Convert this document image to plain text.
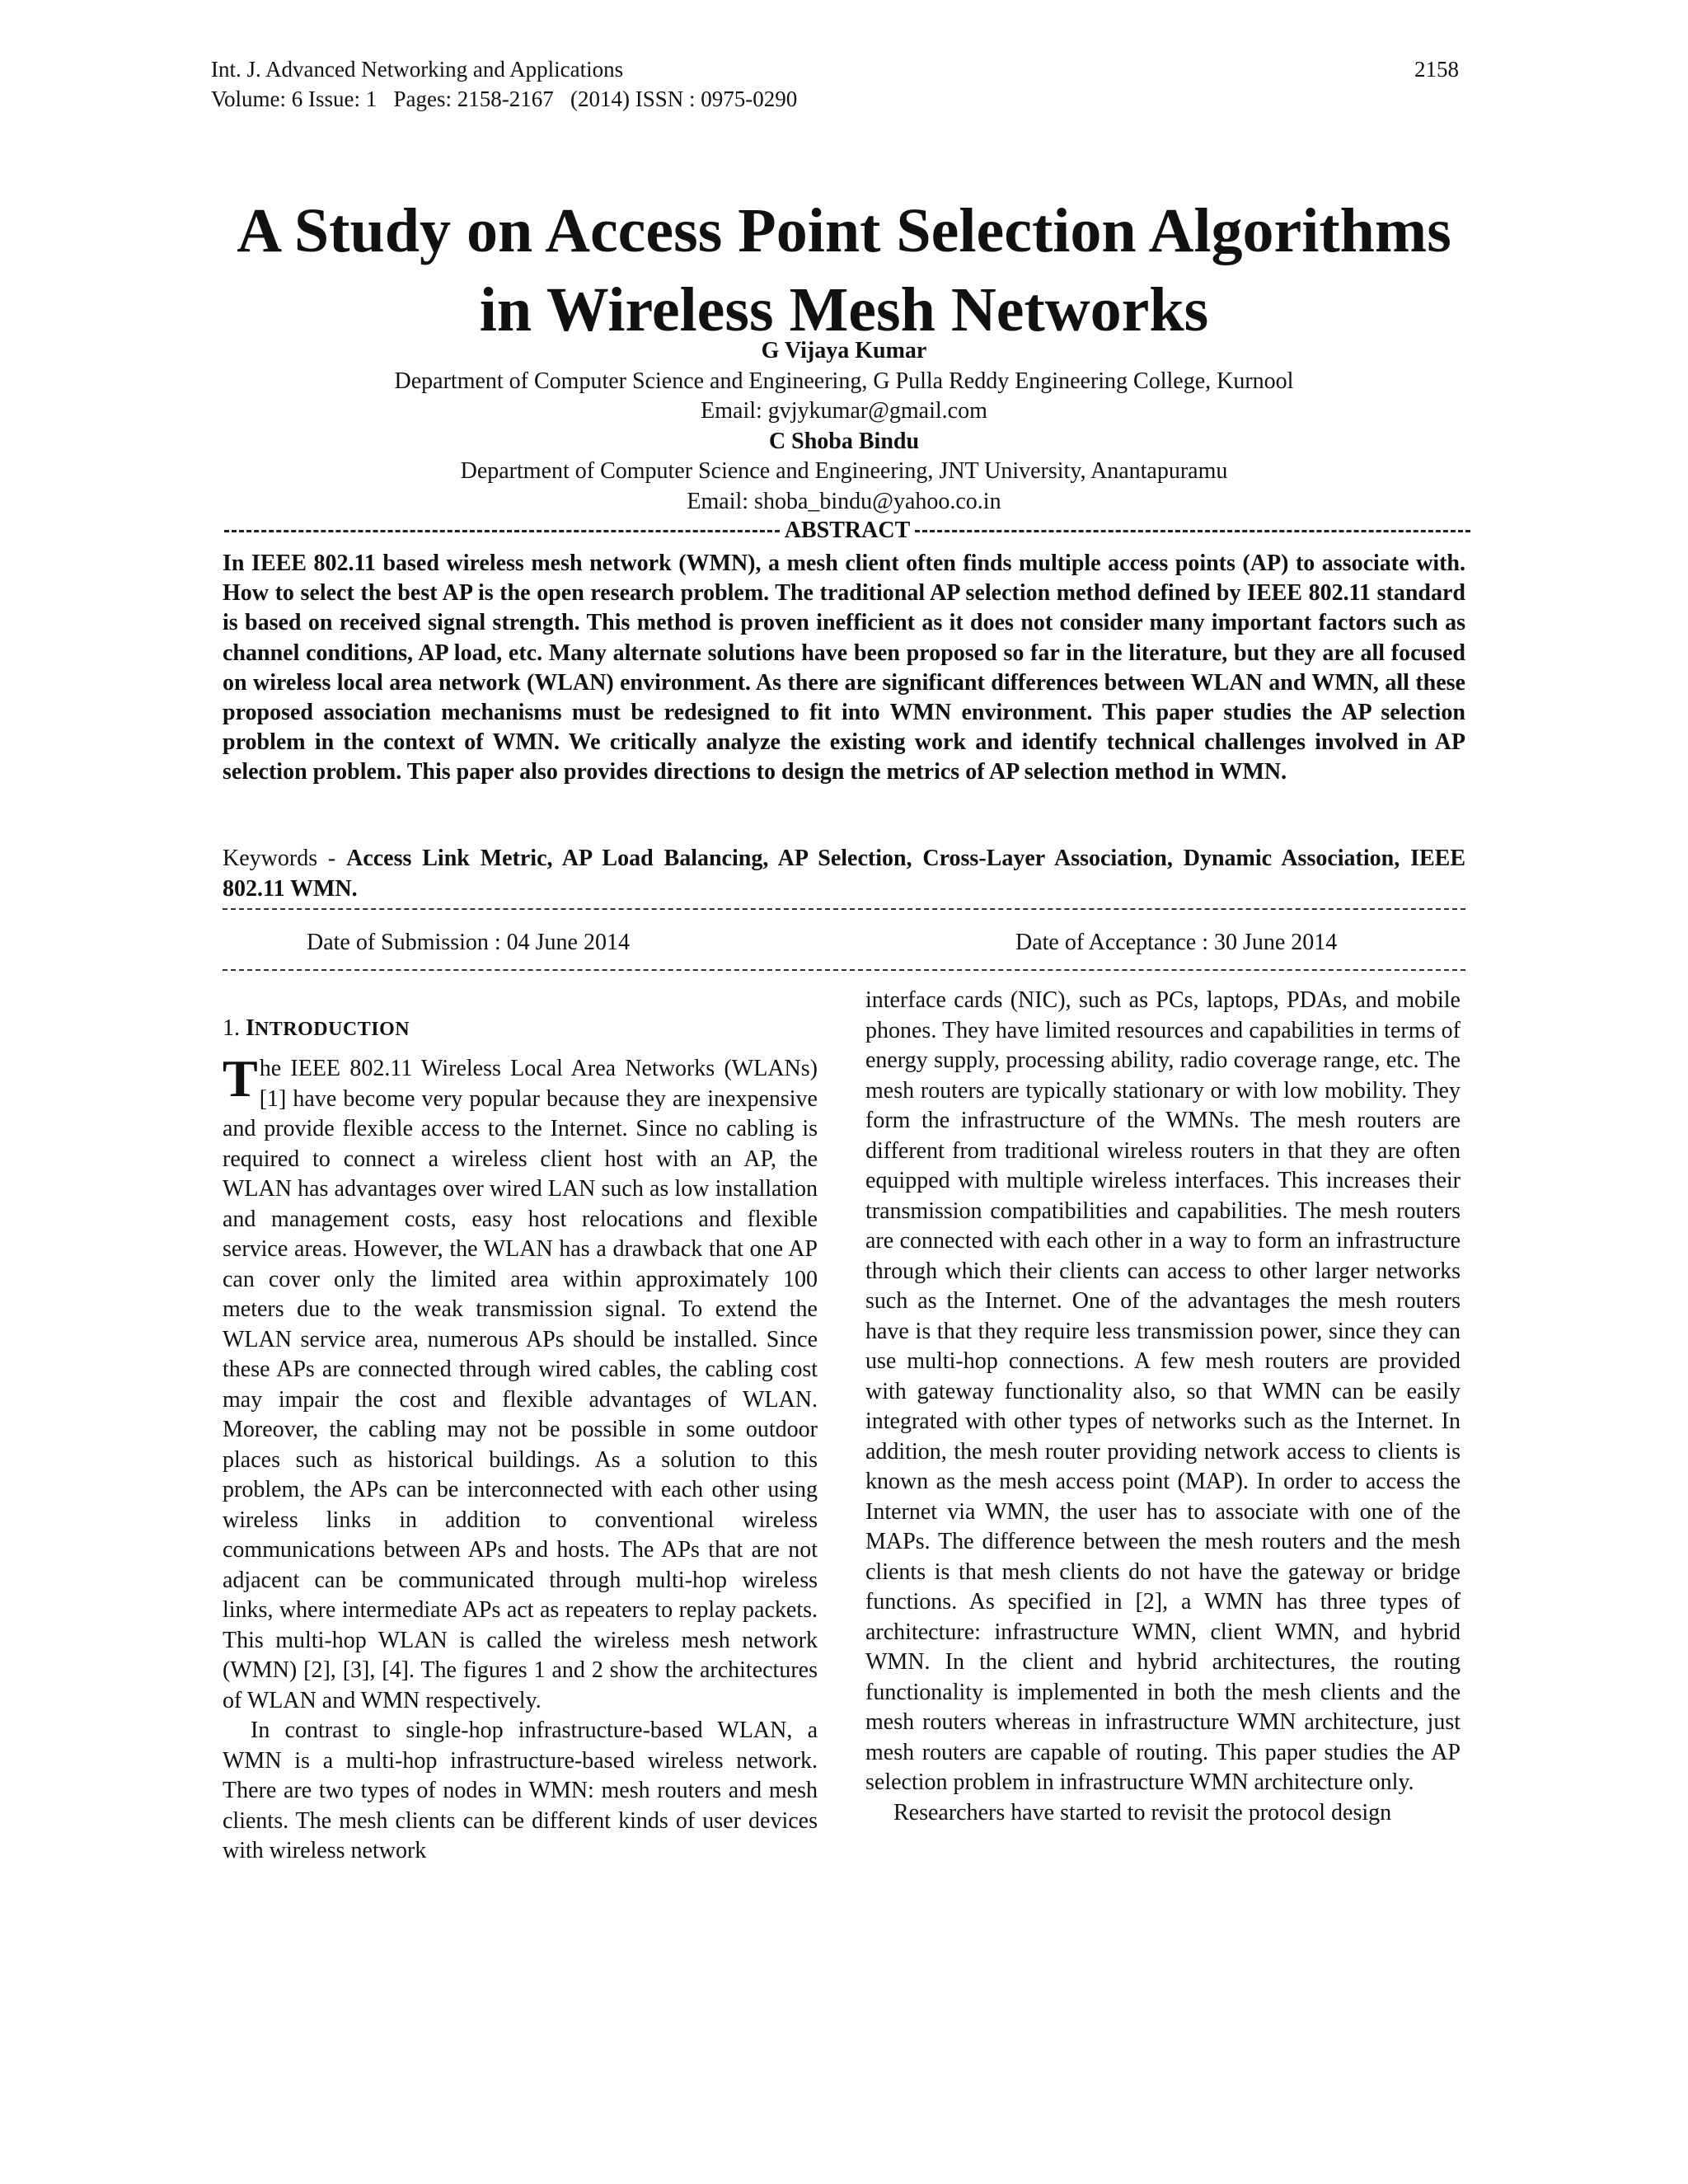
Int. J. Advanced Networking and Applications
Volume: 6 Issue: 1   Pages: 2158-2167   (2014) ISSN : 0975-0290
2158
A Study on Access Point Selection Algorithms
in Wireless Mesh Networks
G Vijaya Kumar
Department of Computer Science and Engineering, G Pulla Reddy Engineering College, Kurnool
Email: gvjykumar@gmail.com
C Shoba Bindu
Department of Computer Science and Engineering, JNT University, Anantapuramu
Email: shoba_bindu@yahoo.co.in
ABSTRACT

In IEEE 802.11 based wireless mesh network (WMN), a mesh client often finds multiple access points (AP) to associate with. How to select the best AP is the open research problem. The traditional AP selection method defined by IEEE 802.11 standard is based on received signal strength. This method is proven inefficient as it does not consider many important factors such as channel conditions, AP load, etc. Many alternate solutions have been proposed so far in the literature, but they are all focused on wireless local area network (WLAN) environment. As there are significant differences between WLAN and WMN, all these proposed association mechanisms must be redesigned to fit into WMN environment. This paper studies the AP selection problem in the context of WMN. We critically analyze the existing work and identify technical challenges involved in AP selection problem. This paper also provides directions to design the metrics of AP selection method in WMN.

Keywords - Access Link Metric, AP Load Balancing, AP Selection, Cross-Layer Association, Dynamic Association, IEEE 802.11 WMN.

Date of Submission : 04 June 2014	Date of Acceptance : 30 June 2014
1. INTRODUCTION

The IEEE 802.11 Wireless Local Area Networks (WLANs) [1] have become very popular because they are inexpensive and provide flexible access to the Internet. Since no cabling is required to connect a wireless client host with an AP, the WLAN has advantages over wired LAN such as low installation and management costs, easy host relocations and flexible service areas. However, the WLAN has a drawback that one AP can cover only the limited area within approximately 100 meters due to the weak transmission signal. To extend the WLAN service area, numerous APs should be installed. Since these APs are connected through wired cables, the cabling cost may impair the cost and flexible advantages of WLAN. Moreover, the cabling may not be possible in some outdoor places such as historical buildings. As a solution to this problem, the APs can be interconnected with each other using wireless links in addition to conventional wireless communications between APs and hosts. The APs that are not adjacent can be communicated through multi-hop wireless links, where intermediate APs act as repeaters to replay packets. This multi-hop WLAN is called the wireless mesh network (WMN) [2], [3], [4]. The figures 1 and 2 show the architectures of WLAN and WMN respectively.

In contrast to single-hop infrastructure-based WLAN, a WMN is a multi-hop infrastructure-based wireless network. There are two types of nodes in WMN: mesh routers and mesh clients. The mesh clients can be different kinds of user devices with wireless network

interface cards (NIC), such as PCs, laptops, PDAs, and mobile phones. They have limited resources and capabilities in terms of energy supply, processing ability, radio coverage range, etc. The mesh routers are typically stationary or with low mobility. They form the infrastructure of the WMNs. The mesh routers are different from traditional wireless routers in that they are often equipped with multiple wireless interfaces. This increases their transmission compatibilities and capabilities. The mesh routers are connected with each other in a way to form an infrastructure through which their clients can access to other larger networks such as the Internet. One of the advantages the mesh routers have is that they require less transmission power, since they can use multi-hop connections. A few mesh routers are provided with gateway functionality also, so that WMN can be easily integrated with other types of networks such as the Internet. In addition, the mesh router providing network access to clients is known as the mesh access point (MAP). In order to access the Internet via WMN, the user has to associate with one of the MAPs. The difference between the mesh routers and the mesh clients is that mesh clients do not have the gateway or bridge functions. As specified in [2], a WMN has three types of architecture: infrastructure WMN, client WMN, and hybrid WMN. In the client and hybrid architectures, the routing functionality is implemented in both the mesh clients and the mesh routers whereas in infrastructure WMN architecture, just mesh routers are capable of routing. This paper studies the AP selection problem in infrastructure WMN architecture only.

Researchers have started to revisit the protocol design
